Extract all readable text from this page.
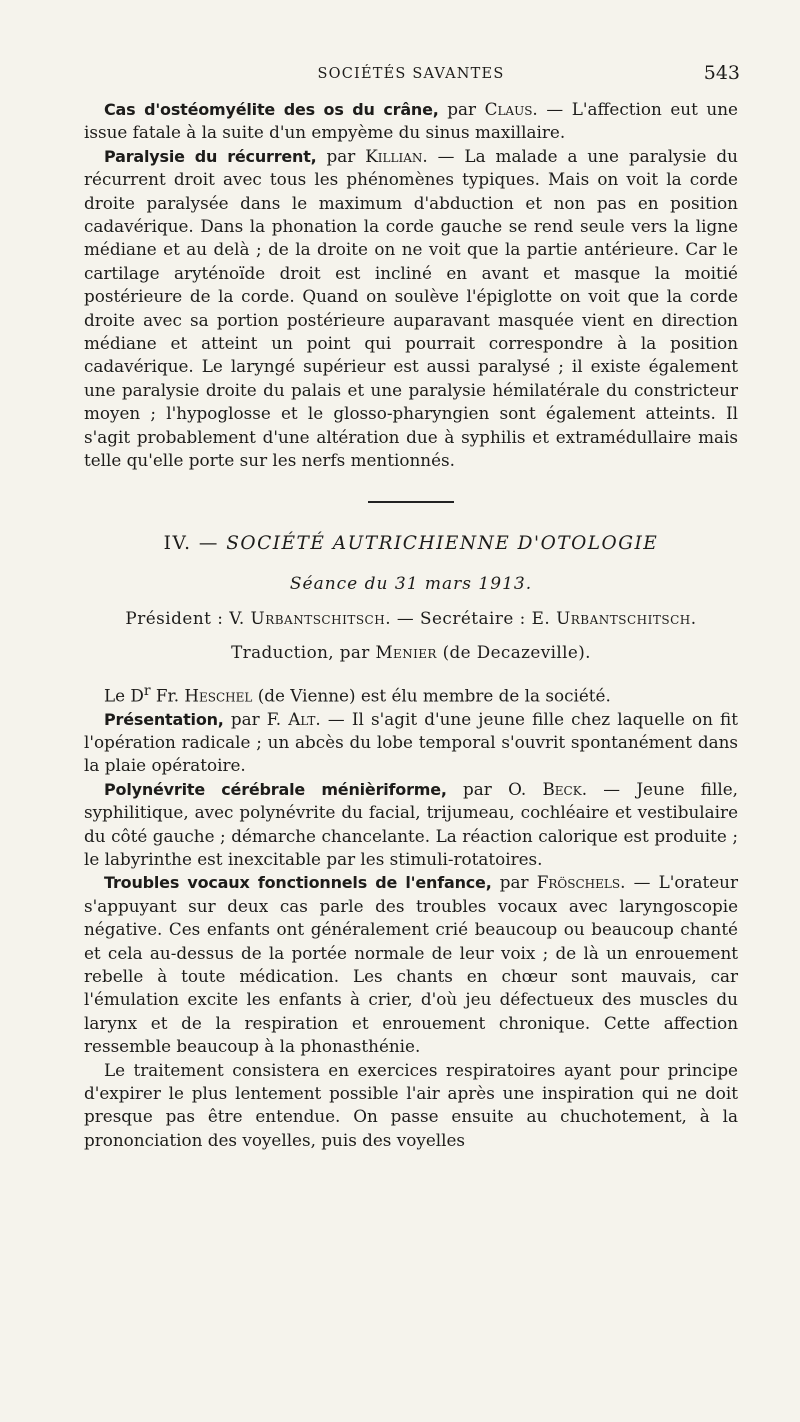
SOCIÉTÉS SAVANTES	543

Cas d'ostéomyélite des os du crâne, par Claus. — L'affection eut une issue fatale à la suite d'un empyème du sinus maxillaire.

Paralysie du récurrent, par Killian. — La malade a une paralysie du récurrent droit avec tous les phénomènes typiques. Mais on voit la corde droite paralysée dans le maximum d'abduction et non pas en position cadavérique. Dans la phonation la corde gauche se rend seule vers la ligne médiane et au delà ; de la droite on ne voit que la partie antérieure. Car le cartilage aryténoïde droit est incliné en avant et masque la moitié postérieure de la corde. Quand on soulève l'épiglotte on voit que la corde droite avec sa portion postérieure auparavant masquée vient en direction médiane et atteint un point qui pourrait correspondre à la position cadavérique. Le laryngé supérieur est aussi paralysé ; il existe également une paralysie droite du palais et une paralysie hémilatérale du constricteur moyen ; l'hypoglosse et le glosso-pharyngien sont également atteints. Il s'agit probablement d'une altération due à syphilis et extramédullaire mais telle qu'elle porte sur les nerfs mentionnés.

IV. — SOCIÉTÉ AUTRICHIENNE D'OTOLOGIE
Séance du 31 mars 1913.
Président : V. Urbantschitsch. — Secrétaire : E. Urbantschitsch.
Traduction, par Menier (de Decazeville).

Le $D^r$ Fr. Heschel (de Vienne) est élu membre de la société.

Présentation, par F. Alt. — Il s'agit d'une jeune fille chez laquelle on fit l'opération radicale ; un abcès du lobe temporal s'ouvrit spontanément dans la plaie opératoire.

Polynévrite cérébrale ménièriforme, par O. Beck. — Jeune fille, syphilitique, avec polynévrite du facial, trijumeau, cochléaire et vestibulaire du côté gauche ; démarche chancelante. La réaction calorique est produite ; le labyrinthe est inexcitable par les stimuli-rotatoires.

Troubles vocaux fonctionnels de l'enfance, par Fröschels. — L'orateur s'appuyant sur deux cas parle des troubles vocaux avec laryngoscopie négative. Ces enfants ont généralement crié beaucoup ou beaucoup chanté et cela au-dessus de la portée normale de leur voix ; de là un enrouement rebelle à toute médication. Les chants en chœur sont mauvais, car l'émulation excite les enfants à crier, d'où jeu défectueux des muscles du larynx et de la respiration et enrouement chronique. Cette affection ressemble beaucoup à la phonasthénie.

Le traitement consistera en exercices respiratoires ayant pour principe d'expirer le plus lentement possible l'air après une inspiration qui ne doit presque pas être entendue. On passe ensuite au chuchotement, à la prononciation des voyelles, puis des voyelles
